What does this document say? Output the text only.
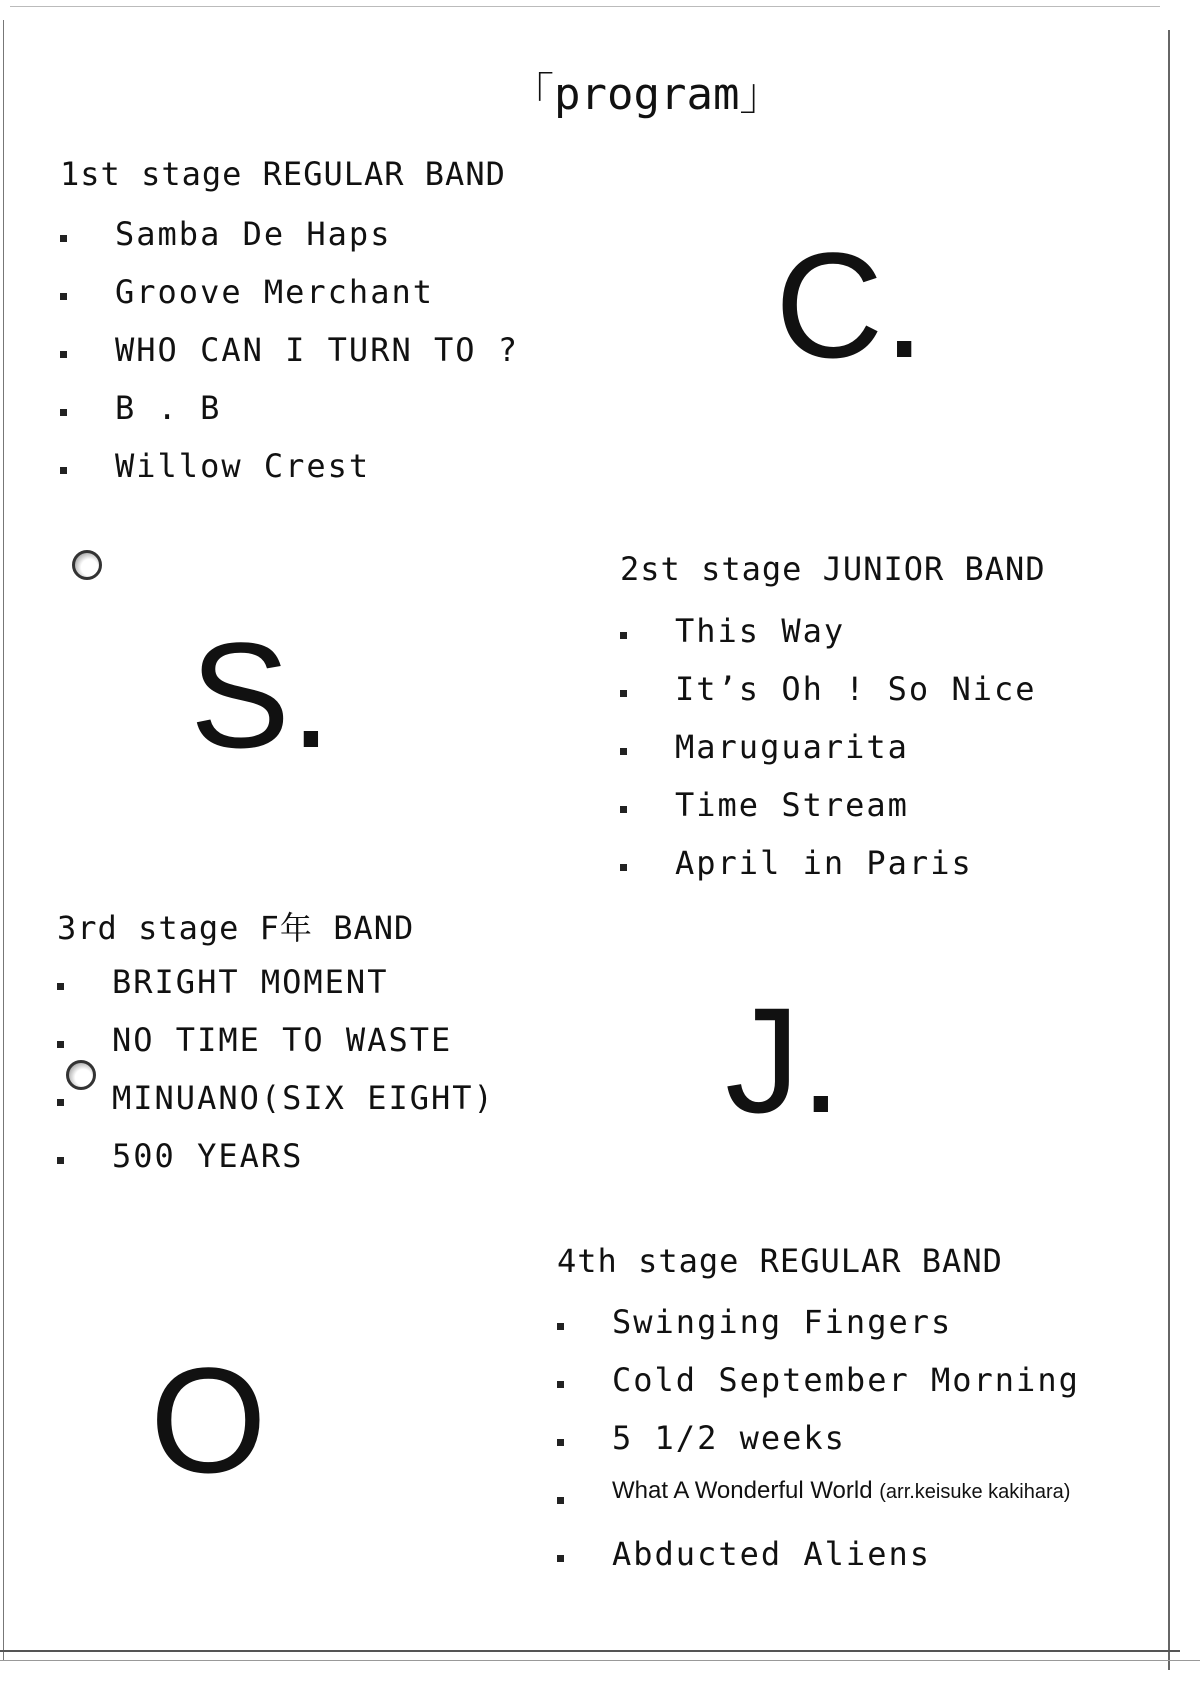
「program」
1st stage REGULAR BAND
Samba De Haps
Groove Merchant
WHO CAN I TURN TO ?
B . B
Willow Crest
2st stage JUNIOR BAND
This Way
It’s Oh ! So Nice
Maruguarita
Time Stream
April in Paris
3rd stage F年 BAND
BRIGHT MOMENT
NO TIME TO WASTE
MINUANO(SIX EIGHT)
500 YEARS
4th stage REGULAR BAND
Swinging Fingers
Cold September Morning
5 1/2 weeks
What A Wonderful World (arr.keisuke kakihara)
Abducted Aliens
C.
S.
J.
O
